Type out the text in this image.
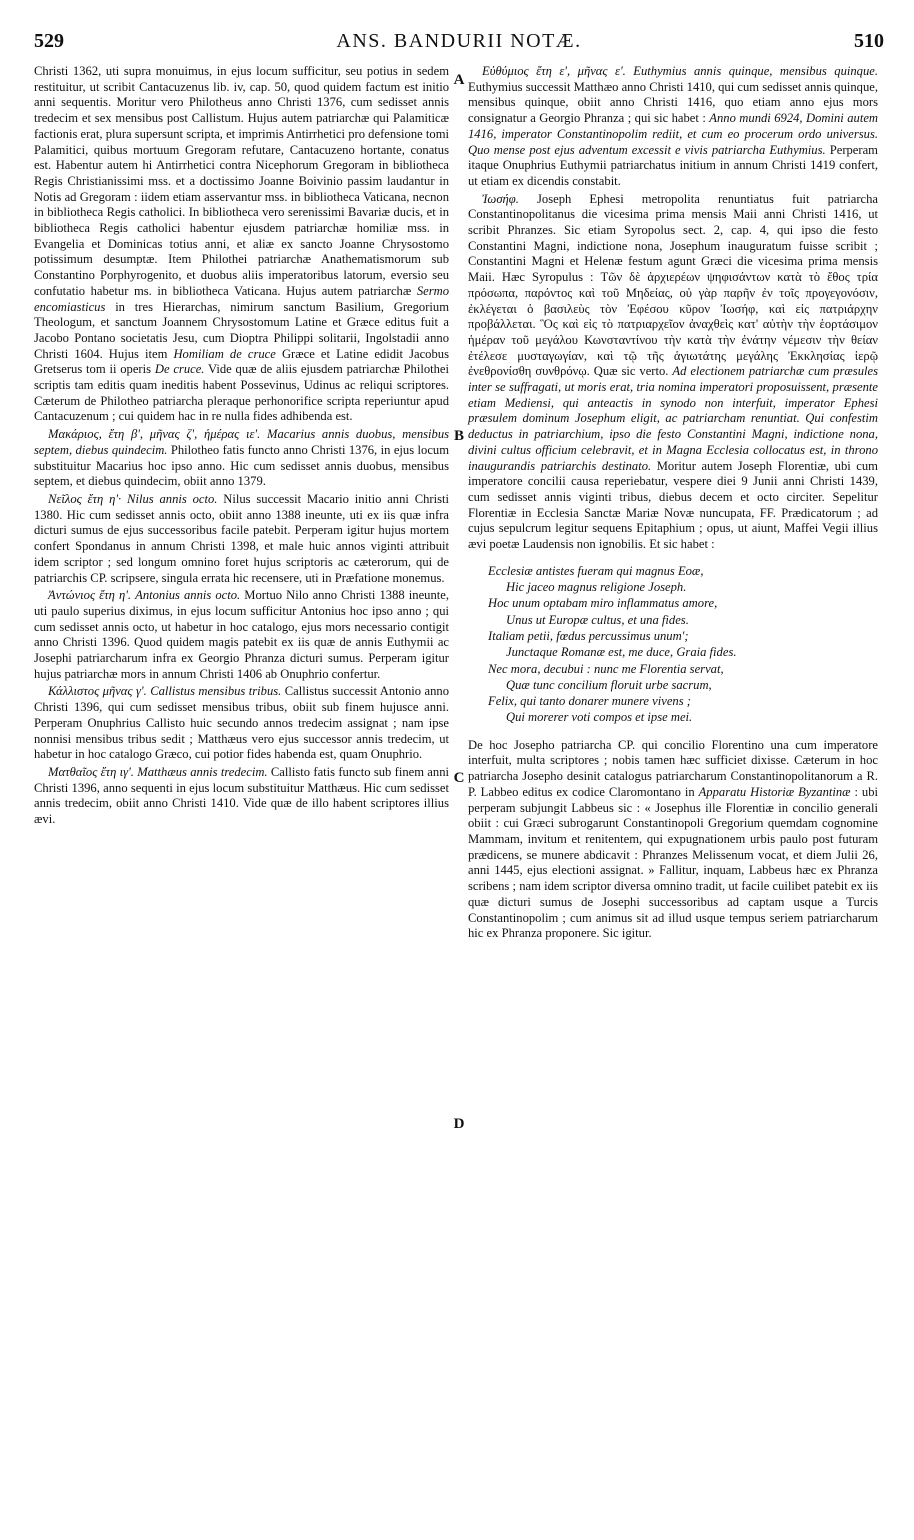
529	ANS. BANDURII NOTÆ.	510
A
B
C
D

Christi 1362, uti supra monuimus, in ejus locum sufficitur, seu potius in sedem restituitur, ut scribit Cantacuzenus lib. iv, cap. 50, quod quidem factum est initio anni sequentis. Moritur vero Philotheus anno Christi 1376, cum sedisset annis tredecim et sex mensibus post Callistum. Hujus autem patriarchæ qui Palamiticæ factionis erat, plura supersunt scripta, et imprimis Antirrhetici pro defensione tomi Palamitici, quibus mortuum Gregoram refutare, Cantacuzeno hortante, conatus est. Habentur autem hi Antirrhetici contra Nicephorum Gregoram in bibliotheca Regis Christianissimi mss. et a doctissimo Joanne Boivinio passim laudantur in Notis ad Gregoram : iidem etiam asservantur mss. in bibliotheca Vaticana, necnon in bibliotheca Regis catholici. In bibliotheca vero serenissimi Bavariæ ducis, et in bibliotheca Regis catholici habentur ejusdem patriarchæ homiliæ mss. in Evangelia et Dominicas totius anni, et aliæ ex sancto Joanne Chrysostomo potissimum desumptæ. Item Philothei patriarchæ Anathematismorum sub Constantino Porphyrogenito, et duobus aliis imperatoribus latorum, eversio seu confutatio habetur ms. in bibliotheca Vaticana. Hujus autem patriarchæ Sermo encomiasticus in tres Hierarchas, nimirum sanctum Basilium, Gregorium Theologum, et sanctum Joannem Chrysostomum Latine et Græce editus fuit a Jacobo Pontano societatis Jesu, cum Dioptra Philippi solitarii, Ingolstadii anno Christi 1604. Hujus item Homiliam de cruce Græce et Latine edidit Jacobus Gretserus tom ii operis De cruce. Vide quæ de aliis ejusdem patriarchæ Philothei scriptis tam editis quam ineditis habent Possevinus, Udinus ac reliqui scriptores. Cæterum de Philotheo patriarcha pleraque perhonorifice scripta reperiuntur apud Cantacuzenum ; cui quidem hac in re nulla fides adhibenda est.

Μακάριος, ἔτη β', μῆνας ζ', ἡμέρας ιε'. Macarius annis duobus, mensibus septem, diebus quindecim. Philotheo fatis functo anno Christi 1376, in ejus locum substituitur Macarius hoc ipso anno. Hic cum sedisset annis duobus, mensibus septem, et diebus quindecim, obiit anno 1379.

Νεῖλος ἔτη η'· Nilus annis octo. Nilus successit Macario initio anni Christi 1380. Hic cum sedisset annis octo, obiit anno 1388 ineunte, uti ex iis quæ infra dicturi sumus de ejus successoribus facile patebit. Perperam igitur hujus mortem confert Spondanus in annum Christi 1398, et male huic annos viginti attribuit idem scriptor ; sed longum omnino foret hujus scriptoris ac cæterorum, qui de patriarchis CP. scripsere, singula errata hic recensere, uti in Præfatione monemus.

Ἀντώνιος ἔτη η'. Antonius annis octo. Mortuo Nilo anno Christi 1388 ineunte, uti paulo superius diximus, in ejus locum sufficitur Antonius hoc ipso anno ; qui cum sedisset annis octo, ut habetur in hoc catalogo, ejus mors necessario contigit anno Christi 1396. Quod quidem magis patebit ex iis quæ de annis Euthymii ac Josephi patriarcharum infra ex Georgio Phranza dicturi sumus. Perperam igitur hujus patriarchæ mors in annum Christi 1406 ab Onuphrio confertur.

Κάλλιστος μῆνας γ'. Callistus mensibus tribus. Callistus successit Antonio anno Christi 1396, qui cum sedisset mensibus tribus, obiit sub finem hujusce anni. Perperam Onuphrius Callisto huic secundo annos tredecim assignat ; nam ipse nonnisi mensibus tribus sedit ; Matthæus vero ejus successor annis tredecim, ut habetur in hoc catalogo Græco, cui potior fides habenda est, quam Onuphrio.

Ματθαῖος ἔτη ιγ'. Matthæus annis tredecim. Callisto fatis functo sub finem anni Christi 1396, anno sequenti in ejus locum substituitur Matthæus. Hic cum sedisset annis tredecim, obiit anno Christi 1410. Vide quæ de illo habent scriptores illius ævi.

Εὐθύμιος ἔτη ε', μῆνας ε'. Euthymius annis quinque, mensibus quinque. Euthymius successit Matthæo anno Christi 1410, qui cum sedisset annis quinque, mensibus quinque, obiit anno Christi 1416, quo etiam anno ejus mors consignatur a Georgio Phranza ; qui sic habet : Anno mundi 6924, Domini autem 1416, imperator Constantinopolim rediit, et cum eo procerum ordo universus. Quo mense post ejus adventum excessit e vivis patriarcha Euthymius. Perperam itaque Onuphrius Euthymii patriarchatus initium in annum Christi 1419 confert, ut etiam ex dicendis constabit.

Ἰωσήφ. Joseph Ephesi metropolita renuntiatus fuit patriarcha Constantinopolitanus die vicesima prima mensis Maii anni Christi 1416, ut scribit Phranzes. Sic etiam Syropolus sect. 2, cap. 4, qui ipso die festo Constantini Magni, indictione nona, Josephum inauguratum fuisse scribit ; Constantini Magni et Helenæ festum agunt Græci die vicesima prima mensis Maii. Hæc Syropulus : Τῶν δὲ ἀρχιερέων ψηφισάντων κατὰ τὸ ἔθος τρία πρόσωπα, παρόντος καὶ τοῦ Μηδείας, οὐ γὰρ παρῆν ἐν τοῖς προγεγονόσιν, ἐκλέγεται ὁ βασιλεὺς τὸν Ἐφέσου κῦρον Ἰωσήφ, καὶ εἰς πατριάρχην προβάλλεται. Ὃς καὶ εἰς τὸ πατριαρχεῖον ἀναχθεὶς κατ' αὐτὴν τὴν ἑορτάσιμον ἡμέραν τοῦ μεγάλου Κωνσταντίνου τὴν κατὰ τὴν ἐνάτην νέμεσιν τὴν θείαν ἐτέλεσε μυσταγωγίαν, καὶ τῷ τῆς ἁγιωτάτης μεγάλης Ἐκκλησίας ἱερῷ ἐνεθρονίσθη συνθρόνῳ. Quæ sic verto. Ad electionem patriarchæ cum præsules inter se suffragati, ut moris erat, tria nomina imperatori proposuissent, præsente etiam Mediensi, qui anteactis in synodo non interfuit, imperator Ephesi præsulem dominum Josephum eligit, ac patriarcham renuntiat. Qui confestim deductus in patriarchium, ipso die festo Constantini Magni, indictione nona, divini cultus officium celebravit, et in Magna Ecclesia collocatus est, in throno inaugurandis patriarchis destinato. Moritur autem Joseph Florentiæ, ubi cum imperatore concilii causa reperiebatur, vespere diei 9 Junii anni Christi 1439, cum sedisset annis viginti tribus, diebus decem et octo circiter. Sepelitur Florentiæ in Ecclesia Sanctæ Mariæ Novæ nuncupata, FF. Prædicatorum ; ad cujus sepulcrum legitur sequens Epitaphium ; opus, ut aiunt, Maffei Vegii illius ævi poetæ Laudensis non ignobilis. Et sic habet :

Ecclesiæ antistes fueram qui magnus Eoæ,
Hic jaceo magnus religione Joseph.
Hoc unum optabam miro inflammatus amore,
Unus ut Europæ cultus, et una fides.
Italiam petii, fœdus percussimus unum';
Junctaque Romanæ est, me duce, Graia fides.
Nec mora, decubui : nunc me Florentia servat,
Quæ tunc concilium floruit urbe sacrum,
Felix, qui tanto donarer munere vivens ;
Qui morerer voti compos et ipse mei.

De hoc Josepho patriarcha CP. qui concilio Florentino una cum imperatore interfuit, multa scriptores ; nobis tamen hæc sufficiet dixisse. Cæterum in hoc patriarcha Josepho desinit catalogus patriarcharum Constantinopolitanorum a R. P. Labbeo editus ex codice Claromontano in Apparatu Historiæ Byzantinæ : ubi perperam subjungit Labbeus sic : « Josephus ille Florentiæ in concilio generali obiit : cui Græci subrogarunt Constantinopoli Gregorium quemdam cognomine Mammam, invitum et renitentem, qui expugnationem urbis paulo post futuram prædicens, se munere abdicavit : Phranzes Melissenum vocat, et diem Julii 26, anni 1445, ejus electioni assignat. » Fallitur, inquam, Labbeus hæc ex Phranza scribens ; nam idem scriptor diversa omnino tradit, ut facile cuilibet patebit ex iis quæ dicturi sumus de Josephi successoribus ad captam usque a Turcis Constantinopolim ; cum animus sit ad illud usque tempus seriem patriarcharum hic ex Phranza proponere. Sic igitur.
